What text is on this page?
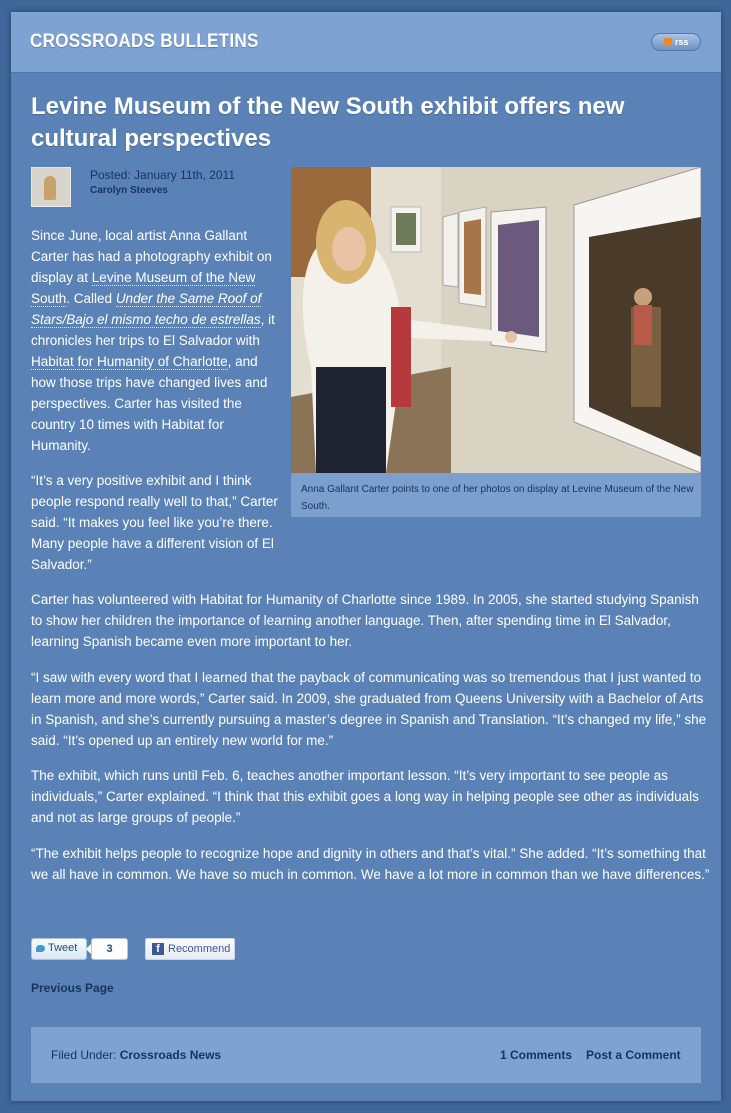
CROSSROADS BULLETINS	rss
Levine Museum of the New South exhibit offers new cultural perspectives
Posted: January 11th, 2011
Carolyn Steeves

Since June, local artist Anna Gallant Carter has had a photography exhibit on display at Levine Museum of the New South. Called Under the Same Roof of Stars/Bajo el mismo techo de estrellas, it chronicles her trips to El Salvador with Habitat for Humanity of Charlotte, and how those trips have changed lives and perspectives. Carter has visited the country 10 times with Habitat for Humanity.

“It’s a very positive exhibit and I think people respond really well to that,” Carter said. “It makes you feel like you’re there. Many people have a different vision of El Salvador.”

Anna Gallant Carter points to one of her photos on display at Levine Museum of the New South.

Carter has volunteered with Habitat for Humanity of Charlotte since 1989. In 2005, she started studying Spanish to show her children the importance of learning another language. Then, after spending time in El Salvador, learning Spanish became even more important to her.

“I saw with every word that I learned that the payback of communicating was so tremendous that I just wanted to learn more and more words,” Carter said. In 2009, she graduated from Queens University with a Bachelor of Arts in Spanish, and she’s currently pursuing a master’s degree in Spanish and Translation. “It’s changed my life,” she said. “It’s opened up an entirely new world for me.”

The exhibit, which runs until Feb. 6, teaches another important lesson. “It’s very important to see people as individuals,” Carter explained. “I think that this exhibit goes a long way in helping people see other as individuals and not as large groups of people.”

“The exhibit helps people to recognize hope and dignity in others and that’s vital.” She added. “It’s something that we all have in common. We have so much in common. We have a lot more in common than we have differences.”

Tweet	3	f Recommend
Previous Page
Filed Under: Crossroads News	1 Comments Post a Comment
